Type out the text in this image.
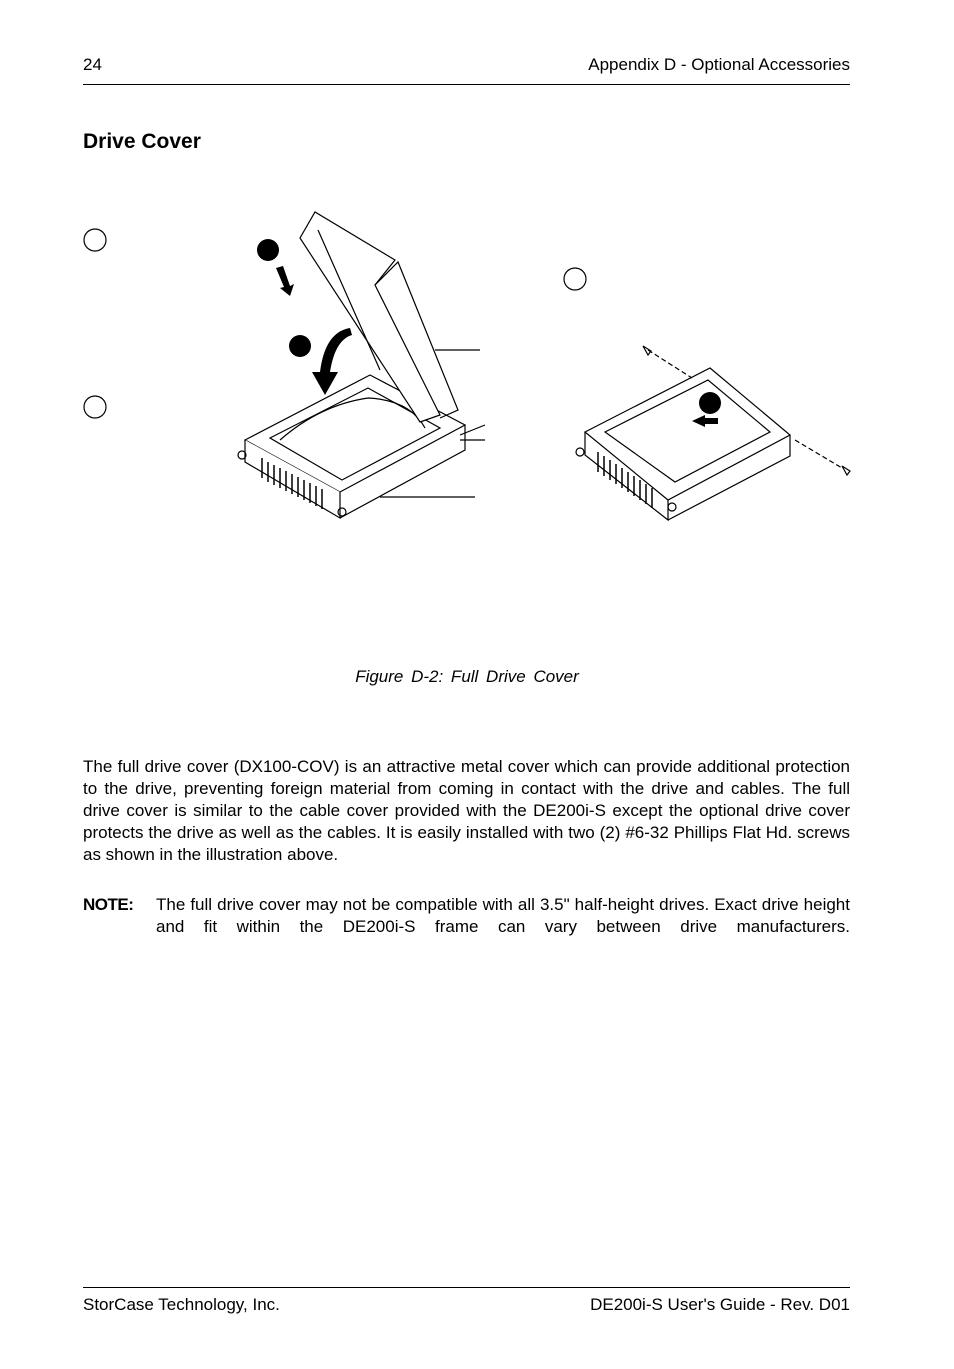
24	Appendix D - Optional Accessories
Drive Cover
Figure D-2: Full Drive Cover

The full drive cover (DX100-COV) is an attractive metal cover which can provide additional protection to the drive, preventing foreign material from coming in contact with the drive and cables. The full drive cover is similar to the cable cover provided with the DE200i-S except the optional drive cover protects the drive as well as the cables. It is easily installed with two (2) #6-32 Phillips Flat Hd. screws as shown in the illustration above.

NOTE: The full drive cover may not be compatible with all 3.5" half-height drives. Exact drive height and fit within the DE200i-S frame can vary between drive manufacturers.
StorCase Technology, Inc.	DE200i-S User's Guide - Rev. D01
